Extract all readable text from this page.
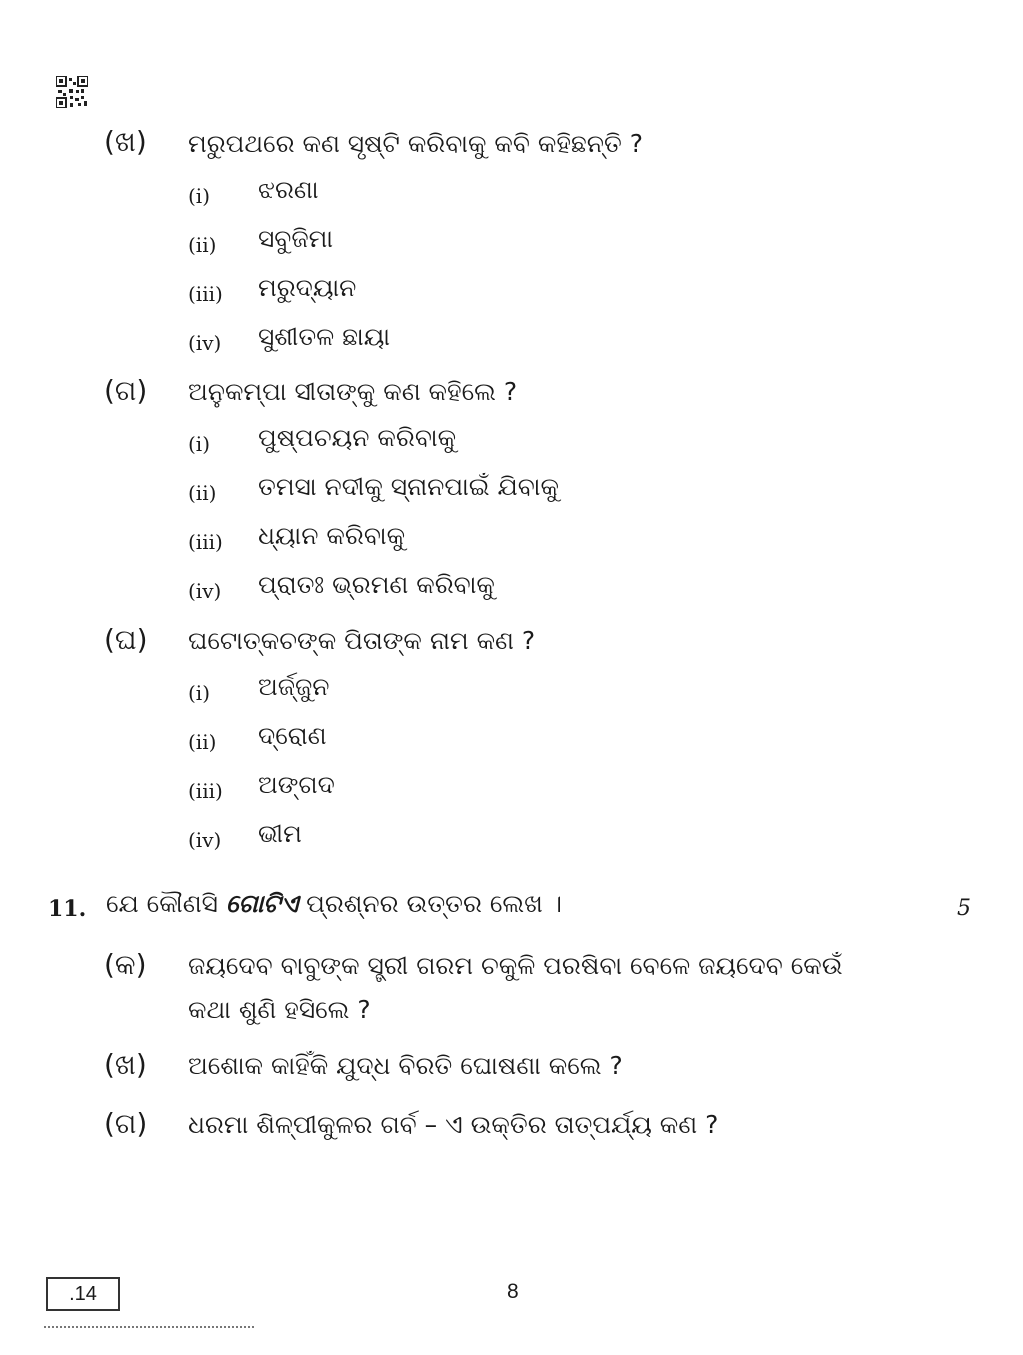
(ଖ) ମରୁପଥରେ କଣ ସୃଷ୍ଟି କରିବାକୁ କବି କହିଛନ୍ତି ?
(i) ଝରଣା
(ii) ସବୁଜିମା
(iii) ମରୁଦ୍ୟାନ
(iv) ସୁଶୀତଳ ଛାୟା
(ଗ) ଅନୁକମ୍ପା ସୀତାଙ୍କୁ କଣ କହିଲେ ?
(i) ପୁଷ୍ପଚୟନ କରିବାକୁ
(ii) ତମସା ନଦୀକୁ ସ୍ନାନପାଇଁ ଯିବାକୁ
(iii) ଧ୍ୟାନ କରିବାକୁ
(iv) ପ୍ରାତଃ ଭ୍ରମଣ କରିବାକୁ
(ଘ) ଘଟୋତ୍କଚଙ୍କ ପିତାଙ୍କ ନାମ କଣ ?
(i) ଅର୍ଜ୍ଜୁନ
(ii) ଦ୍ରୋଣ
(iii) ଅଙ୍ଗଦ
(iv) ଭୀମ
11. ଯେ କୌଣସି ଗୋଟିଏ ପ୍ରଶ୍ନର ଉତ୍ତର ଲେଖ ।	5
(କ) ଜୟଦେବ ବାବୁଙ୍କ ସ୍ତ୍ରୀ ଗରମ ଚକୁଳି ପରଷିବା ବେଳେ ଜୟଦେବ କେଉଁ
କଥା ଶୁଣି ହସିଲେ ?
(ଖ) ଅଶୋକ କାହିଁକି ଯୁଦ୍ଧ ବିରତି ଘୋଷଣା କଲେ ?
(ଗ) ଧରମା ଶିଳ୍ପୀକୁଳର ଗର୍ବ – ଏ ଉକ୍ତିର ତାତ୍ପର୍ଯ୍ୟ କଣ ?
.14	8
